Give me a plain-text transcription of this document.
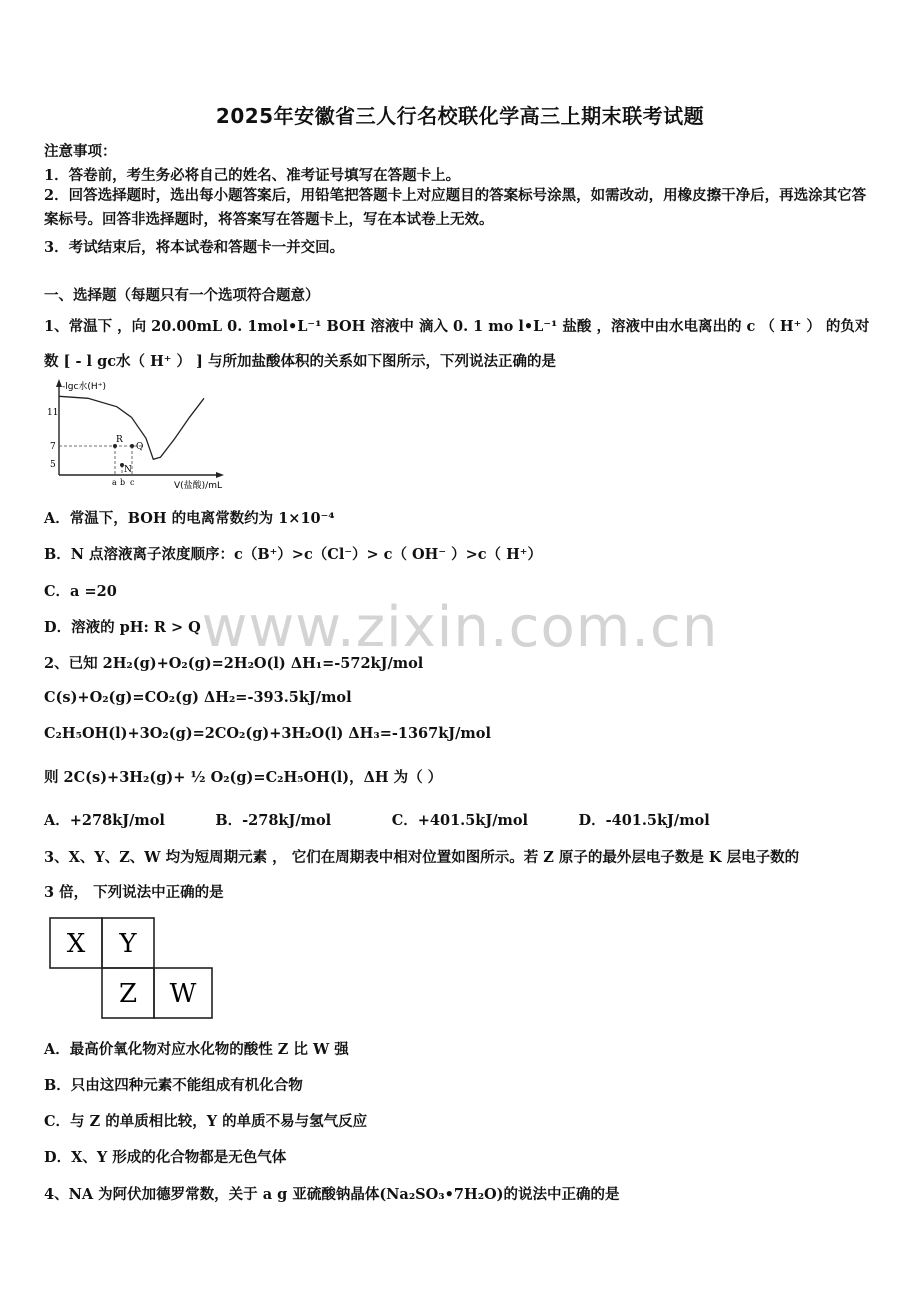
2025年安徽省三人行名校联化学高三上期末联考试题
注意事项：
1．答卷前，考生务必将自己的姓名、准考证号填写在答题卡上。
2．回答选择题时，选出每小题答案后，用铅笔把答题卡上对应题目的答案标号涂黑，如需改动，用橡皮擦干净后，再选涂其它答案标号。回答非选择题时，将答案写在答题卡上，写在本试卷上无效。
3．考试结束后，将本试卷和答题卡一并交回。
一、选择题（每题只有一个选项符合题意）
1、常温下 ，向 20.00mL 0. 1mol•L⁻¹ BOH 溶液中 滴入 0. 1 mo l•L⁻¹ 盐酸 ，溶液中由水电离出的 c （ H⁺ ） 的负对
数 [ - l gc水（ H⁺ ） ] 与所加盐酸体积的关系如下图所示，下列说法正确的是
-lgc水(H⁺)
V(盐酸)/mL
11
7
5
R
N
Q
a b c
A．常温下，BOH 的电离常数约为 1×10⁻⁴
B．N 点溶液离子浓度顺序：c（B⁺）>c（Cl⁻）> c（ OH⁻ ）>c（ H⁺）
C．a =20
D．溶液的 pH: R > Q www.zixin.com.cn
2、已知 2H₂(g)+O₂(g)=2H₂O(l) ΔH₁=-572kJ/mol
C(s)+O₂(g)=CO₂(g) ΔH₂=-393.5kJ/mol
C₂H₅OH(l)+3O₂(g)=2CO₂(g)+3H₂O(l) ΔH₃=-1367kJ/mol
则 2C(s)+3H₂(g)+ ½ O₂(g)=C₂H₅OH(l)，ΔH 为（ ）
A．+278kJ/mol          B．-278kJ/mol            C．+401.5kJ/mol          D．-401.5kJ/mol
3、X、Y、Z、W 均为短周期元素 ， 它们在周期表中相对位置如图所示。若 Z 原子的最外层电子数是 K 层电子数的
3 倍， 下列说法中正确的是
X Y
Z W
A．最高价氧化物对应水化物的酸性 Z 比 W 强
B．只由这四种元素不能组成有机化合物
C．与 Z 的单质相比较，Y 的单质不易与氢气反应
D．X、Y 形成的化合物都是无色气体
4、NA 为阿伏加德罗常数，关于 a g 亚硫酸钠晶体(Na₂SO₃•7H₂O)的说法中正确的是
